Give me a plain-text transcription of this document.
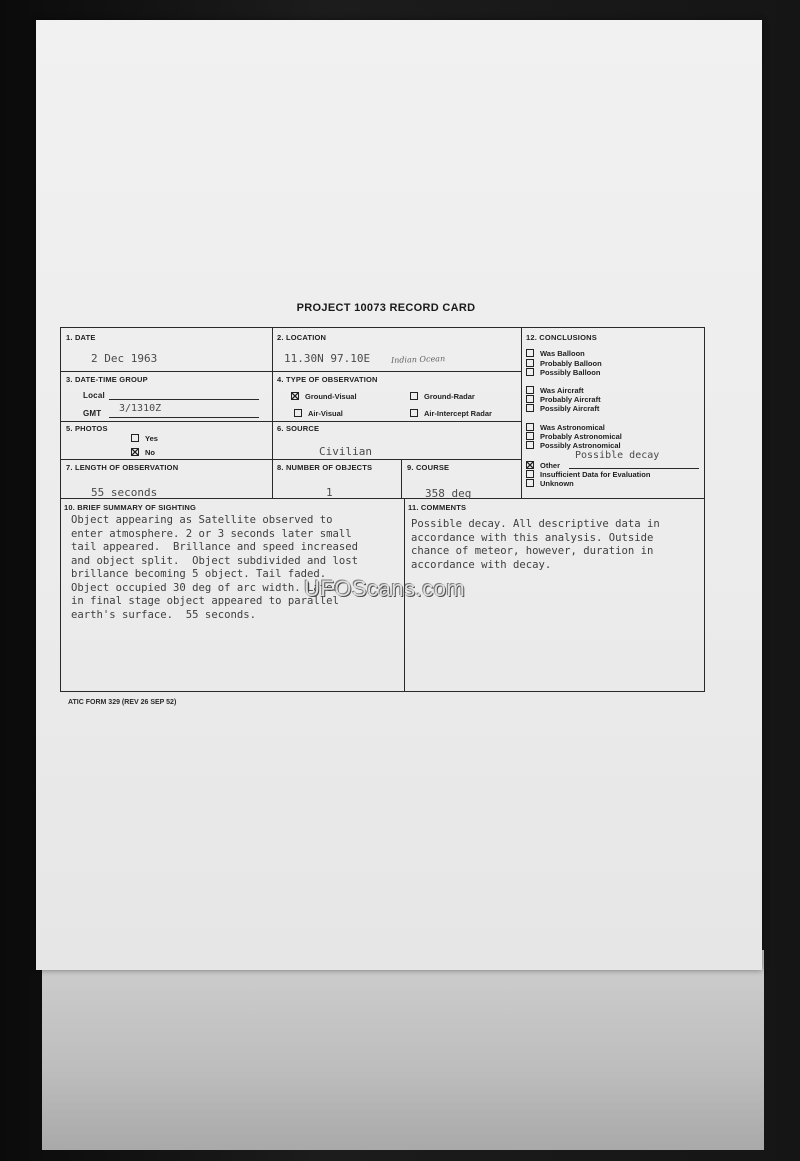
PROJECT 10073 RECORD CARD
1. DATE
2 Dec 1963
2. LOCATION
11.30N 97.10E	Indian Ocean
3. DATE-TIME GROUP
Local
GMT 3/1310Z
4. TYPE OF OBSERVATION
Ground-Visual	Ground-Radar
Air-Visual	Air-Intercept Radar
5. PHOTOS
Yes
No
6. SOURCE
Civilian
7. LENGTH OF OBSERVATION
55 seconds
8. NUMBER OF OBJECTS
1
9. COURSE
358 deg
10. BRIEF SUMMARY OF SIGHTING
Object appearing as Satellite observed to
enter atmosphere. 2 or 3 seconds later small
tail appeared.  Brillance and speed increased
and object split.  Object subdivided and lost
brillance becoming 5 object. Tail faded.
Object occupied 30 deg of arc width. Later
in final stage object appeared to parallel
earth's surface.  55 seconds.
11. COMMENTS
Possible decay. All descriptive data in
accordance with this analysis. Outside
chance of meteor, however, duration in
accordance with decay.
12. CONCLUSIONS
Was Balloon
Probably Balloon
Possibly Balloon
Was Aircraft
Probably Aircraft
Possibly Aircraft
Was Astronomical
Probably Astronomical
Possibly Astronomical
Possible decay
Other
Insufficient Data for Evaluation
Unknown
ATIC FORM 329 (REV 26 SEP 52)
UFOScans.com
